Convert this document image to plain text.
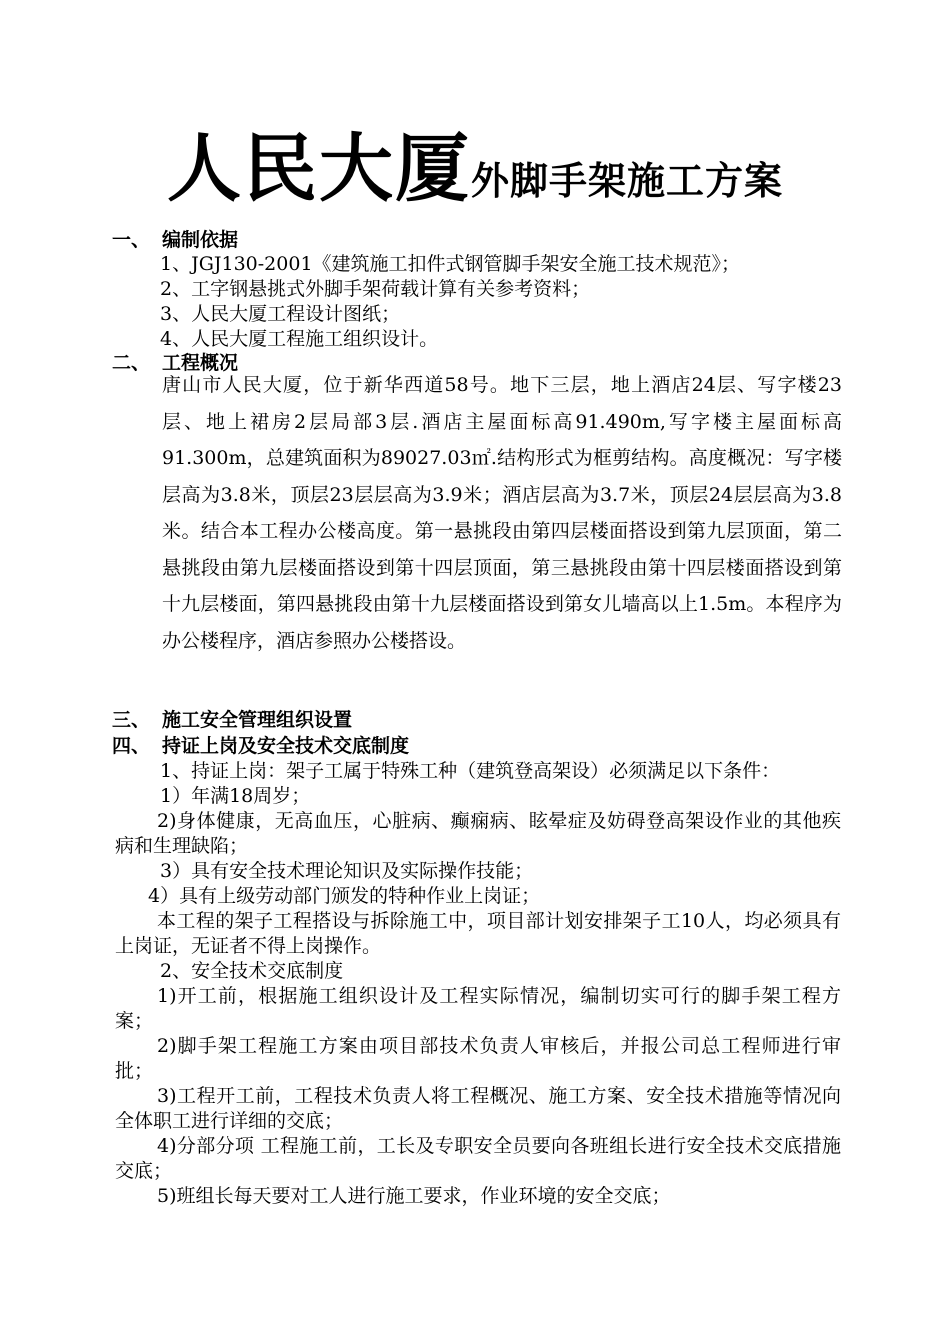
人民大厦外脚手架施工方案
一、 编制依据
1、JGJ130-2001《建筑施工扣件式钢管脚手架安全施工技术规范》；
2、工字钢悬挑式外脚手架荷载计算有关参考资料；
3、人民大厦工程设计图纸；
4、人民大厦工程施工组织设计。
二、 工程概况
唐山市人民大厦，位于新华西道58号。地下三层，地上酒店24层、写字楼23层、地上裙房2层局部3层.酒店主屋面标高91.490m,写字楼主屋面标高91.300m，总建筑面积为89027.03㎡.结构形式为框剪结构。高度概况：写字楼层高为3.8米，顶层23层层高为3.9米；酒店层高为3.7米，顶层24层层高为3.8米。结合本工程办公楼高度。第一悬挑段由第四层楼面搭设到第九层顶面，第二悬挑段由第九层楼面搭设到第十四层顶面，第三悬挑段由第十四层楼面搭设到第十九层楼面，第四悬挑段由第十九层楼面搭设到第女儿墙高以上1.5m。本程序为办公楼程序，酒店参照办公楼搭设。
三、 施工安全管理组织设置
四、 持证上岗及安全技术交底制度
1、持证上岗：架子工属于特殊工种（建筑登高架设）必须满足以下条件：
1）年满18周岁；
2)身体健康，无高血压，心脏病、癫痫病、眩晕症及妨碍登高架设作业的其他疾病和生理缺陷；
3）具有安全技术理论知识及实际操作技能；
4）具有上级劳动部门颁发的特种作业上岗证；
本工程的架子工程搭设与拆除施工中，项目部计划安排架子工10人，均必须具有上岗证，无证者不得上岗操作。
2、安全技术交底制度
1)开工前，根据施工组织设计及工程实际情况，编制切实可行的脚手架工程方案；
2)脚手架工程施工方案由项目部技术负责人审核后，并报公司总工程师进行审批；
3)工程开工前，工程技术负责人将工程概况、施工方案、安全技术措施等情况向全体职工进行详细的交底；
4)分部分项 工程施工前，工长及专职安全员要向各班组长进行安全技术交底措施交底；
5)班组长每天要对工人进行施工要求，作业环境的安全交底；
